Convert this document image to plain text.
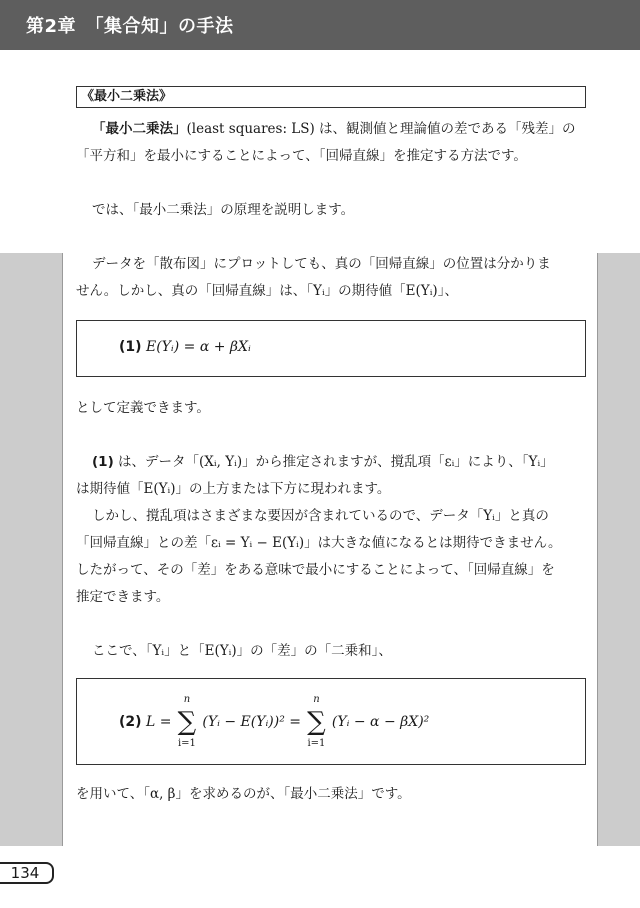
第2章　「集合知」の手法
《最小二乗法》
「最小二乗法」(least squares: LS) は、観測値と理論値の差である「残差」の
「平方和」を最小にすることによって、「回帰直線」を推定する方法です。
では、「最小二乗法」の原理を説明します。
データを「散布図」にプロットしても、真の「回帰直線」の位置は分かりま
せん。しかし、真の「回帰直線」は、「Yᵢ」の期待値「E(Yᵢ)」、
(1) E(Yᵢ) = α + βXᵢ
として定義できます。
(1) は、データ「(Xᵢ, Yᵢ)」から推定されますが、撹乱項「εᵢ」により、「Yᵢ」
は期待値「E(Yᵢ)」の上方または下方に現われます。
しかし、撹乱項はさまざまな要因が含まれているので、データ「Yᵢ」と真の
「回帰直線」との差「εᵢ = Yᵢ − E(Yᵢ)」は大きな値になるとは期待できません。
したがって、その「差」をある意味で最小にすることによって、「回帰直線」を
推定できます。
ここで、「Yᵢ」と「E(Yᵢ)」の「差」の「二乗和」、
(2) L = ∑
n
i=1
(Yᵢ − E(Yᵢ))² = ∑
n
i=1
(Yᵢ − α − βX)²
を用いて、「α, β」を求めるのが、「最小二乗法」です。
134
